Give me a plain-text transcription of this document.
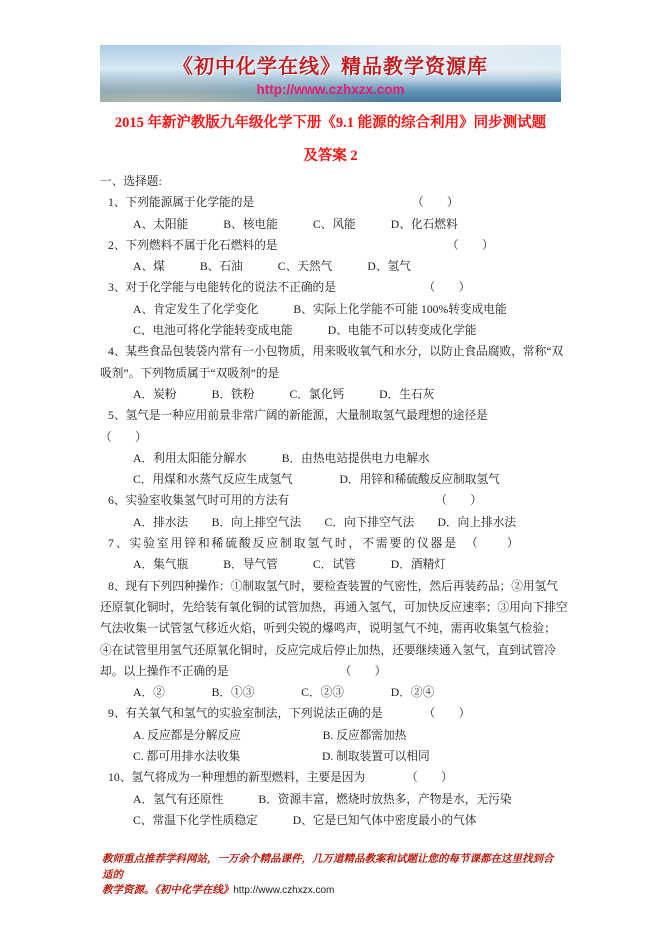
《初中化学在线》精品教学资源库
http://www.czhxzx.com
2015 年新沪教版九年级化学下册《9.1 能源的综合利用》同步测试题
及答案 2
一、选择题:
1、下列能源属于化学能的是　　　　　　　　　　　　　　（　　）
A、太阳能　　　B、核电能　　　C、风能　　　D、化石燃料
2、下列燃料不属于化石燃料的是　　　　　　　　　　　　　　　（　　）
A、煤　　　B、石油　　　C、天然气　　　D、氢气
3、对于化学能与电能转化的说法不正确的是　　　　　　　　（　　）
A、肯定发生了化学变化　　　B、实际上化学能不可能 100%转变成电能
C、电池可将化学能转变成电能　　　D、电能不可以转变成化学能
4、某些食品包装袋内常有一小包物质，用来吸收氧气和水分，以防止食品腐败，常称“双
吸剂”。下列物质属于“双吸剂”的是
A．炭粉　　　B．铁粉　　　C．氯化钙　　　D．生石灰
5、氢气是一种应用前景非常广阔的新能源，大量制取氢气最理想的途径是
（　　）
A．利用太阳能分解水　　　B．由热电站提供电力电解水
C．用煤和水蒸气反应生成氢气　　　　D．用锌和稀硫酸反应制取氢气
6、实验室收集氢气时可用的方法有　　　　　　　　　　　　　（　　）
A．排水法　　B．向上排空气法　　C．向下排空气法　　D．向上排水法
7、实验室用锌和稀硫酸反应制取氢气时，不需要的仪器是　（　　）
A．集气瓶　　　B．导气管　　　C．试管　　　D．酒精灯
8、现有下列四种操作：①制取氢气时，要检查装置的气密性，然后再装药品；②用氢气
还原氧化铜时，先给装有氧化铜的试管加热，再通入氢气，可加快反应速率；③用向下排空
气法收集一试管氢气移近火焰，听到尖锐的爆鸣声，说明氢气不纯，需再收集氢气检验；
④在试管里用氢气还原氧化铜时，反应完成后停止加热，还要继续通入氢气，直到试管冷
却。以上操作不正确的是　　　　　　　　　　（　　）
A．②　　　　B．①③　　　　C．②③　　　　D．②④
9、有关氧气和氢气的实验室制法，下列说法正确的是　　　　（　　）
A. 反应都是分解反应　　　　　　　B. 反应都需加热
C. 都可用排水法收集　　　　　　　D. 制取装置可以相同
10、氢气将成为一种理想的新型燃料，主要是因为　　　　（　　）
A．氢气有还原性　　　B．资源丰富，燃烧时放热多，产物是水，无污染
C、常温下化学性质稳定　　　D、它是已知气体中密度最小的气体
教师重点推荐学科网站，一万余个精品课件，几万道精品教案和试题让您的每节课都在这里找到合适的
教学资源。《初中化学在线》http://www.czhxzx.com
